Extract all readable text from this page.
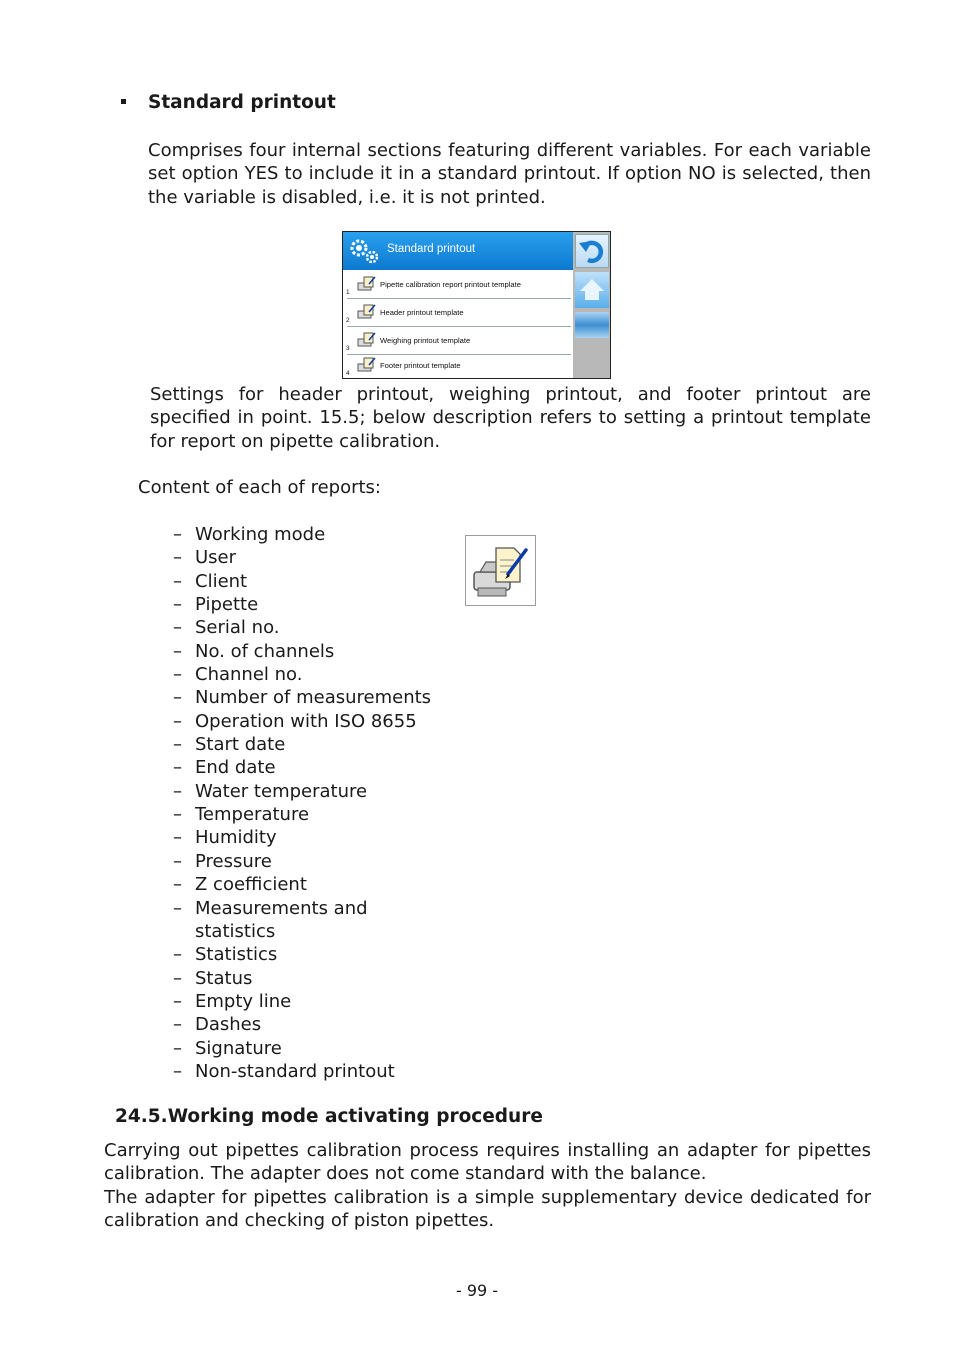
Standard printout
Comprises four internal sections featuring different variables. For each variable set option YES to include it in a standard printout. If option NO is selected, then the variable is disabled, i.e. it is not printed.
Standard printout
1
Pipette calibration report printout template
2
Header printout template
3
Weighing printout template
4
Footer printout template
Settings for header printout, weighing printout, and footer printout are specified in point. 15.5; below description refers to setting a printout template for report on pipette calibration.
Content of each of reports:
– Working mode
– User
– Client
– Pipette
– Serial no.
– No. of channels
– Channel no.
– Number of measurements
– Operation with ISO 8655
– Start date
– End date
– Water temperature
– Temperature
– Humidity
– Pressure
– Z coefficient
– Measurements and statistics
– Statistics
– Status
– Empty line
– Dashes
– Signature
– Non-standard printout
24.5.Working mode activating procedure
Carrying out pipettes calibration process requires installing an adapter for pipettes calibration. The adapter does not come standard with the balance.
The adapter for pipettes calibration is a simple supplementary device dedicated for calibration and checking of piston pipettes.
- 99 -
